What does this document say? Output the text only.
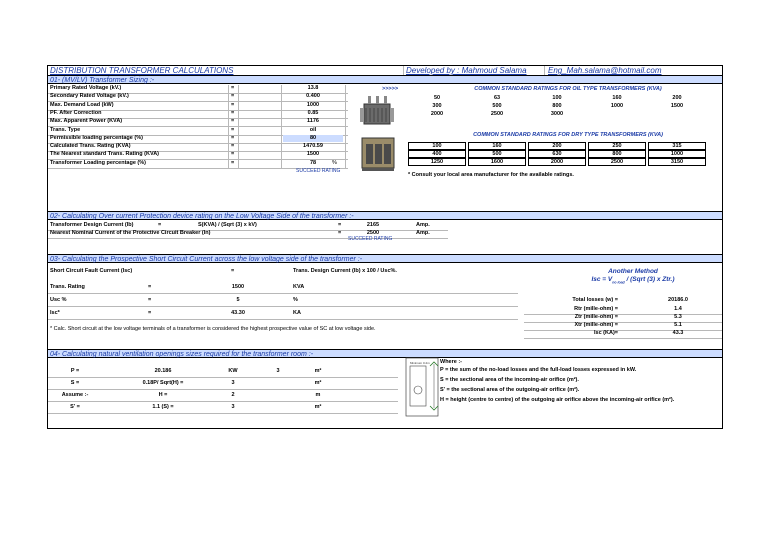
DISTRIBUTION TRANSFORMER CALCULATIONS	Developed by : Mahmoud Salama	Eng_Mah.salama@hotmail.com
01- (MV/LV) Transformer Sizing :-
Primary Rated Voltage (kV.)	=	13.8
Secondary Rated Voltage (kV.)	=	0.400
Max. Demand Load (kW)	=	1000
PF. After Correction	=	0.85
Max. Apparent Power (KVA)	=	1176
Trans. Type	=	oil
Permissible loading percentage (%)	=	80
Calculated Trans. Rating (KVA)	=	1470.59
The Nearest standard Trans. Rating (KVA)	=	1500
Transformer Loading percentage (%)	=	78	%
SUCCEED RATING
>>>>>	COMMON STANDARD RATINGS FOR OIL TYPE TRANSFORMERS (KVA)
50	63	100	160	200
300	500	800	1000	1500
2000	2500	3000
COMMON STANDARD RATINGS FOR DRY TYPE TRANSFORMERS (KVA)
100	160	200	250	315
400	500	630	800	1000
1250	1600	2000	2500	3150
* Consult your local area manufacturer for the available ratings.
02- Calculating Over current Protection device rating on the Low Voltage Side of the transformer :-
Transformer Design Current (Ib)	=	S(KVA) / (Sqrt (3) x kV)	=	2165	Amp.
Nearest Nominal Current of the Protective Circuit Breaker (In)	=	2500	Amp.
SUCCEED RATING
03- Calculating the Prospective Short Circuit Current across the low voltage side of the transformer :-
Short Circuit Fault Current (Isc)	=	Trans. Design Current (Ib) x 100 / Usc%.
Trans. Rating	=	1500	KVA
Usc %	=	5	%
Isc*	=	43.30	KA
Another Method
Isc = $V_{no load}$ / (Sqrt (3) x Ztr.)
Total losses (w) =	20186.0
Rtr (mille-ohm) =	1.4
Ztr (mille-ohm) =	5.3
Xtr (mille-ohm) =	5.1
Isc (KA)=	43.3
* Calc. Short circuit at the low voltage terminals of a transformer is considered the highest prospective value of SC at low voltage side.
04- Calculating natural ventilation openings sizes required for the transformer room :-
P =	20.186	KW	3	m²
S =	0.18P/ Sqrt(H) =	3	m²
Assume :-	H =	2	m
S' =	1.1 (S) =	3	m²
Where :-
P = the sum of the no-load losses and the full-load losses expressed in kW.
S = the sectional area of the incoming-air orifice (m²).
S' = the sectional area of the outgoing-air orifice (m²).
H = height (centre to centre) of the outgoing air orifice above the incoming-air orifice (m²).
Minimum 0.2m
